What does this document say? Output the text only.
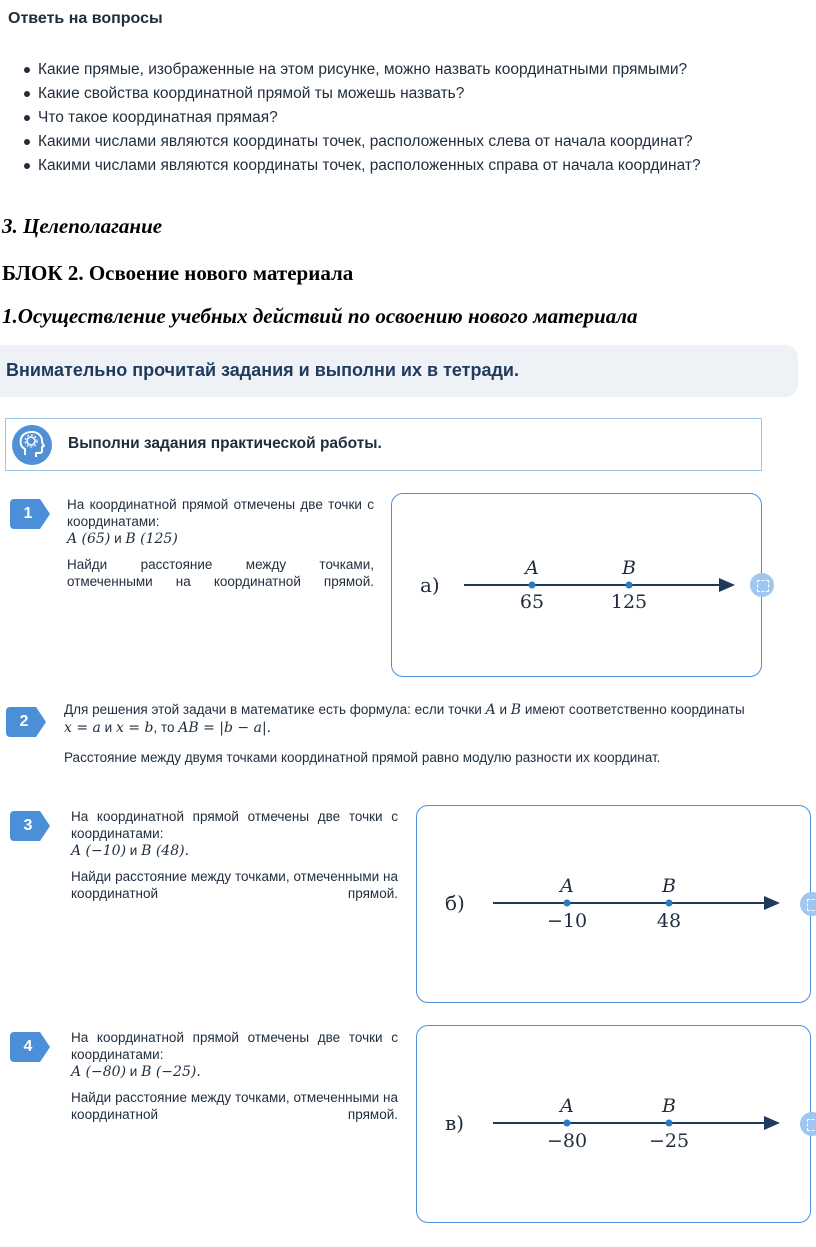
Ответь на вопросы
Какие прямые, изображенные на этом рисунке, можно назвать координатными прямыми?
Какие свойства координатной прямой ты можешь назвать?
Что такое координатная прямая?
Какими числами являются координаты точек, расположенных слева от начала координат?
Какими числами являются координаты точек, расположенных справа от начала координат?
3. Целеполагание
БЛОК 2. Освоение нового материала
1.Осуществление учебных действий по освоению нового материала
Внимательно прочитай задания и выполни их в тетради.
Выполни задания практической работы.
1

На координатной прямой отмечены две точки с координатами:
A (65) и B (125)

Найди расстояние между точками, отмеченными на координатной прямой. а)
A	B
65	125
2

Для решения этой задачи в математике есть формула: если точки A и B имеют соответственно координаты
x = a и x = b, то AB = |b − a|.

Расстояние между двумя точками координатной прямой равно модулю разности их координат.

3

На координатной прямой отмечены две точки с координатами:
A (−10) и B (48).

Найди расстояние между точками, отмеченными на координатной прямой. б)
A	B
−10	48
4

На координатной прямой отмечены две точки с координатами:
A (−80) и B (−25).

Найди расстояние между точками, отмеченными на координатной прямой. в)
A	B
−80	−25
